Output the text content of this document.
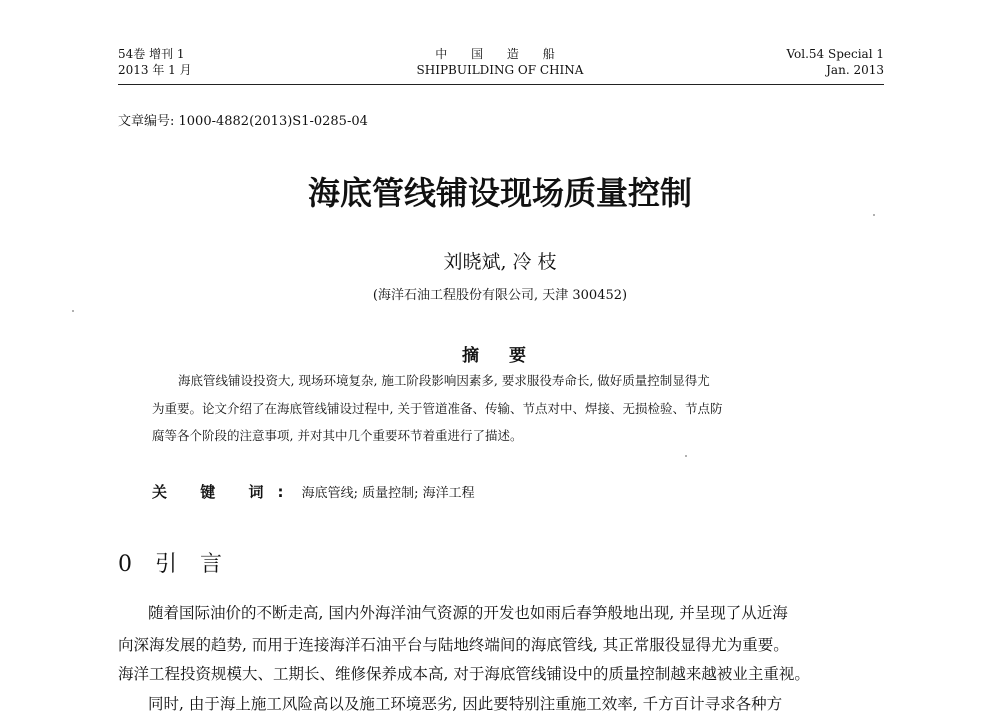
54卷 增刊 1
2013 年 1 月
中 国 造 船
SHIPBUILDING OF CHINA
Vol.54 Special 1
Jan. 2013
文章编号: 1000-4882(2013)S1-0285-04
海底管线铺设现场质量控制
刘晓斌, 冷 枝
(海洋石油工程股份有限公司, 天津 300452)
摘 要
海底管线铺设投资大, 现场环境复杂, 施工阶段影响因素多, 要求服役寿命长, 做好质量控制显得尤
为重要。论文介绍了在海底管线铺设过程中, 关于管道准备、传输、节点对中、焊接、无损检验、节点防
腐等各个阶段的注意事项, 并对其中几个重要环节着重进行了描述。
关 键 词: 海底管线; 质量控制; 海洋工程
0 引 言
随着国际油价的不断走高, 国内外海洋油气资源的开发也如雨后春笋般地出现, 并呈现了从近海
向深海发展的趋势, 而用于连接海洋石油平台与陆地终端间的海底管线, 其正常服役显得尤为重要。
海洋工程投资规模大、工期长、维修保养成本高, 对于海底管线铺设中的质量控制越来越被业主重视。
同时, 由于海上施工风险高以及施工环境恶劣, 因此要特别注重施工效率, 千方百计寻求各种方
